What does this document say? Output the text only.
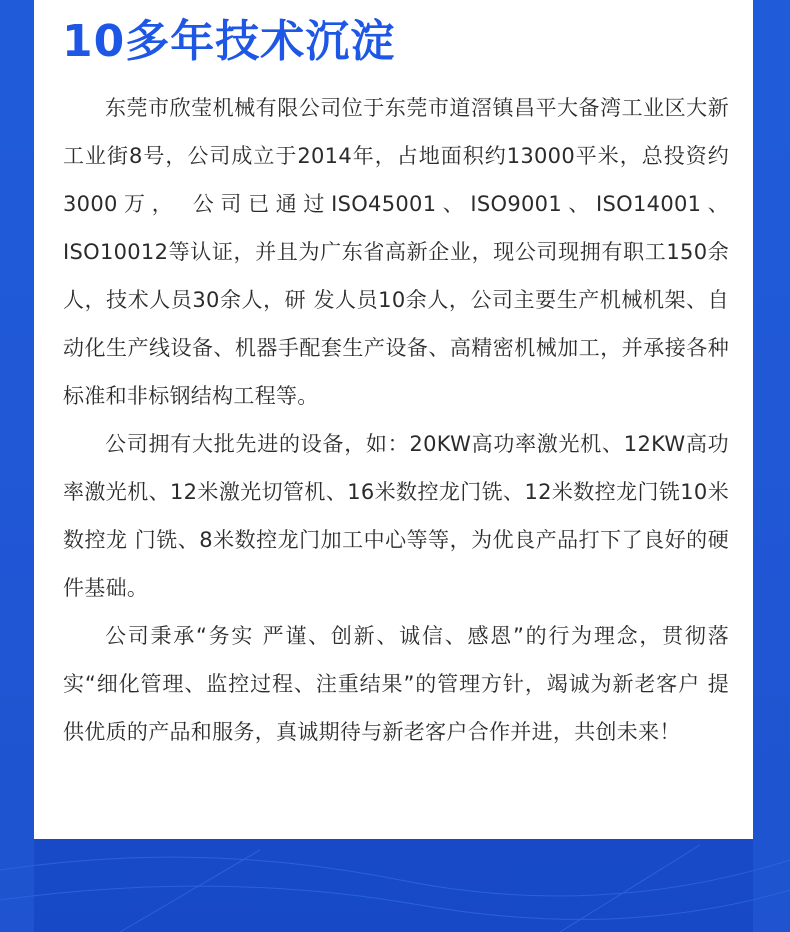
10多年技术沉淀

东莞市欣莹机械有限公司位于东莞市道滘镇昌平大备湾工业区大新工业街8号，公司成立于2014年，占地面积约13000平米，总投资约3000万， 公司已通过ISO45001、ISO9001、ISO14001、ISO10012等认证，并且为广东省高新企业，现公司现拥有职工150余人，技术人员30余人，研 发人员10余人，公司主要生产机械机架、自动化生产线设备、机器手配套生产设备、高精密机械加工，并承接各种标准和非标钢结构工程等。

公司拥有大批先进的设备，如：20KW高功率激光机、12KW高功率激光机、12米激光切管机、16米数控龙门铣、12米数控龙门铣10米数控龙 门铣、8米数控龙门加工中心等等，为优良产品打下了良好的硬件基础。

公司秉承“务实 严谨、创新、诚信、感恩”的行为理念，贯彻落实“细化管理、监控过程、注重结果”的管理方针，竭诚为新老客户 提供优质的产品和服务，真诚期待与新老客户合作并进，共创未来！
